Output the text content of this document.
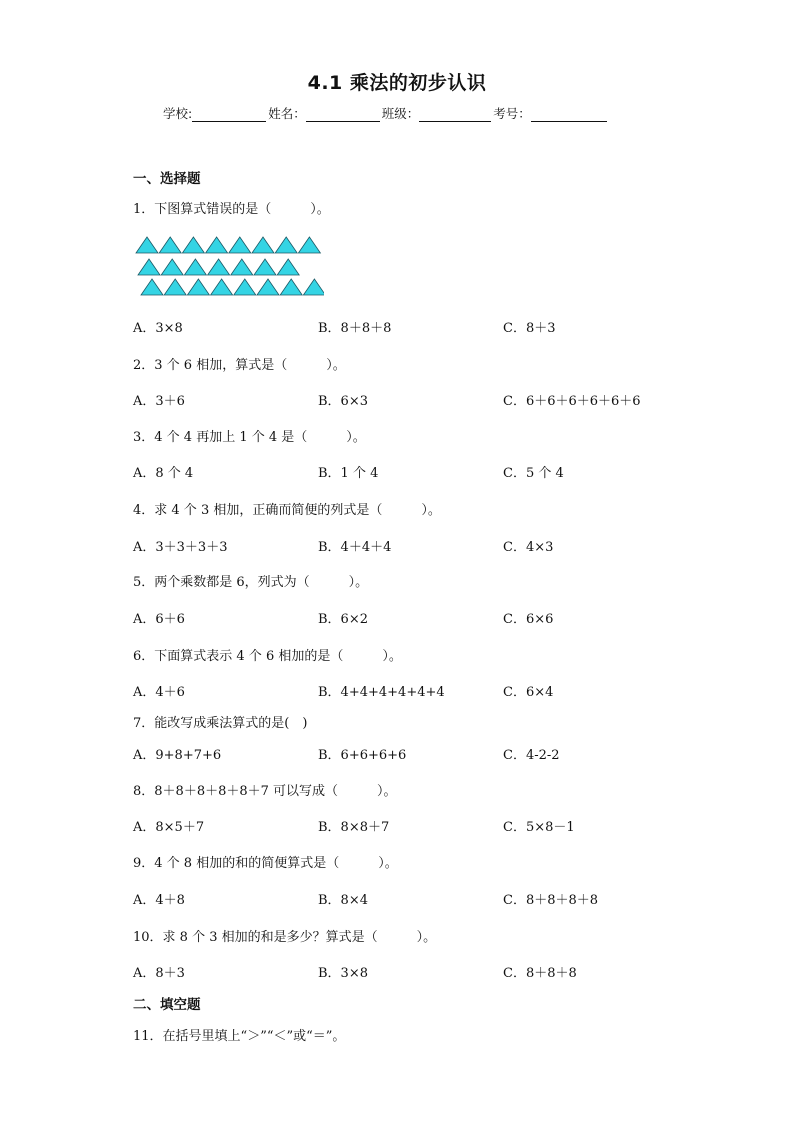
4.1 乘法的初步认识
学校:	姓名：	班级：	考号：
一、选择题
1．下图算式错误的是（　　　）。
A．3×8	B．8＋8＋8	C．8＋3
2．3 个 6 相加，算式是（　　　）。
A．3＋6	B．6×3	C．6＋6＋6＋6＋6＋6
3．4 个 4 再加上 1 个 4 是（　　　）。
A．8 个 4	B．1 个 4	C．5 个 4
4．求 4 个 3 相加，正确而简便的列式是（　　　）。
A．3＋3＋3＋3	B．4＋4＋4	C．4×3
5．两个乘数都是 6，列式为（　　　）。
A．6＋6	B．6×2	C．6×6
6．下面算式表示 4 个 6 相加的是（　　　）。
A．4＋6	B．4+4+4+4+4+4	C．6×4
7．能改写成乘法算式的是(　)
A．9+8+7+6	B．6+6+6+6	C．4-2-2
8．8＋8＋8＋8＋8＋7 可以写成（　　　）。
A．8×5＋7	B．8×8＋7	C．5×8－1
9．4 个 8 相加的和的简便算式是（　　　）。
A．4＋8	B．8×4	C．8＋8＋8＋8
10．求 8 个 3 相加的和是多少？算式是（　　　）。
A．8＋3	B．3×8	C．8＋8＋8
二、填空题
11．在括号里填上“＞”“＜”或“＝”。
